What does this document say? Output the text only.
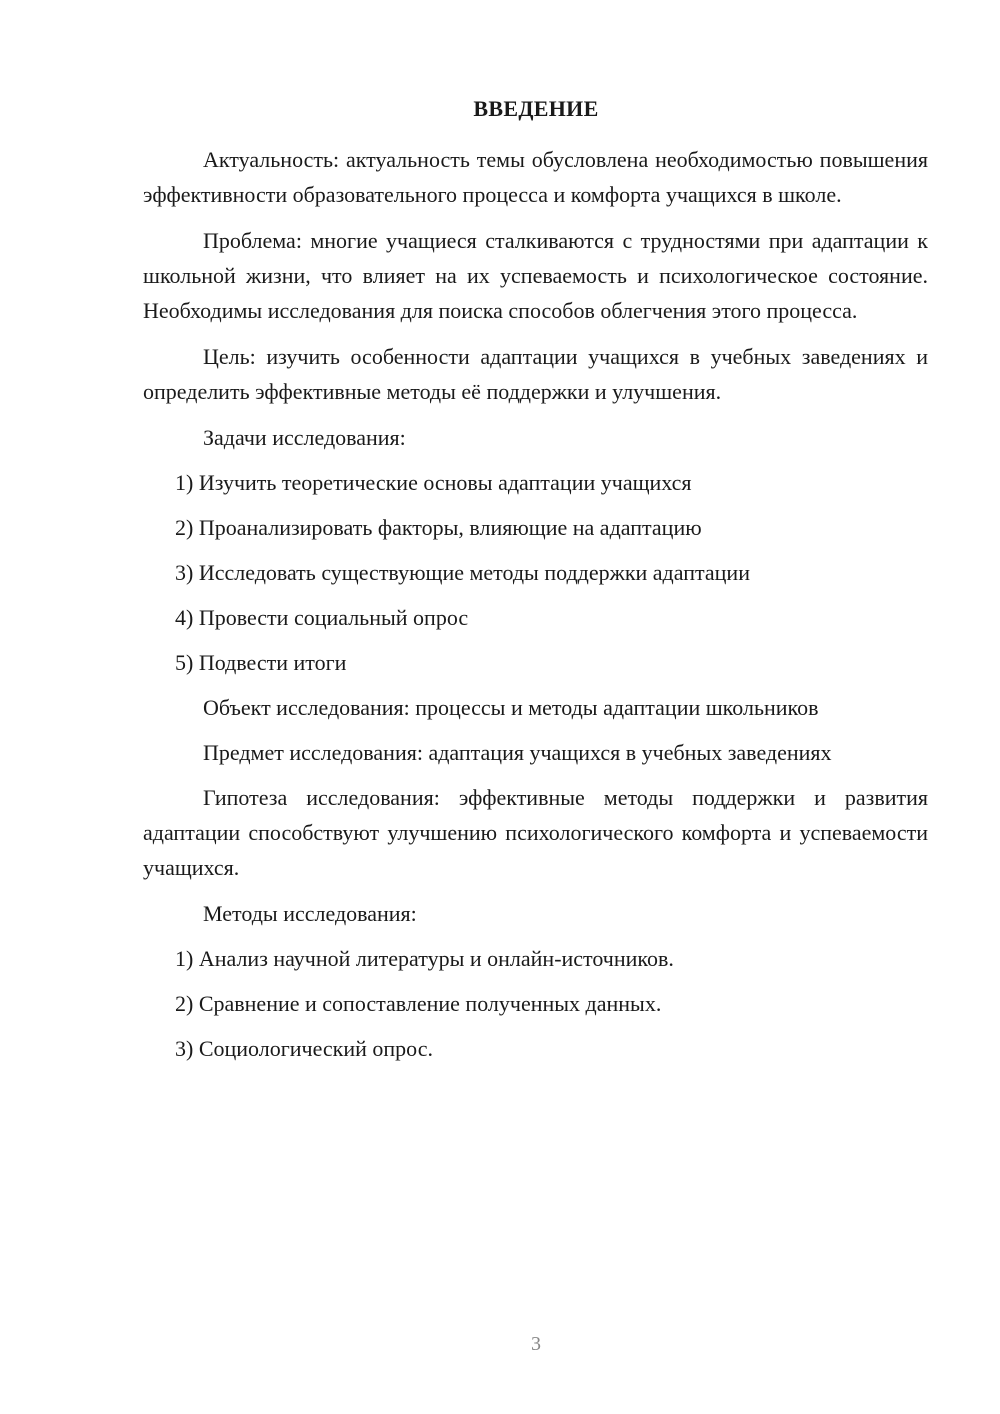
ВВЕДЕНИЕ

Актуальность: актуальность темы обусловлена необходимостью повышения эффективности образовательного процесса и комфорта учащихся в школе.

Проблема: многие учащиеся сталкиваются с трудностями при адаптации к школьной жизни, что влияет на их успеваемость и психологическое состояние. Необходимы исследования для поиска способов облегчения этого процесса.

Цель: изучить особенности адаптации учащихся в учебных заведениях и определить эффективные методы её поддержки и улучшения.

Задачи исследования:

1) Изучить теоретические основы адаптации учащихся
2) Проанализировать факторы, влияющие на адаптацию
3) Исследовать существующие методы поддержки адаптации
4) Провести социальный опрос
5) Подвести итоги

Объект исследования: процессы и методы адаптации школьников

Предмет исследования: адаптация учащихся в учебных заведениях

Гипотеза исследования: эффективные методы поддержки и развития адаптации способствуют улучшению психологического комфорта и успеваемости учащихся.

Методы исследования:

1) Анализ научной литературы и онлайн-источников.
2) Сравнение и сопоставление полученных данных.
3) Социологический опрос.
3
